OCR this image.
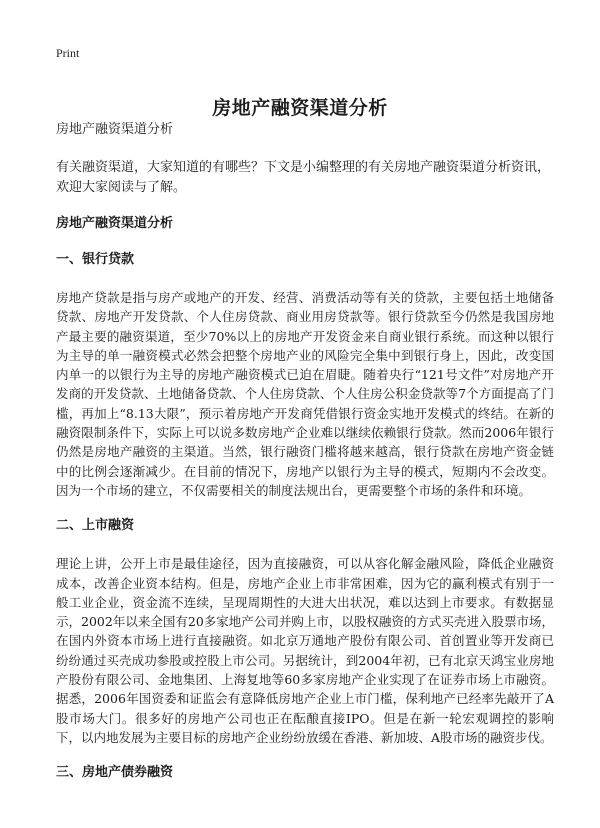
Print
房地产融资渠道分析

房地产融资渠道分析

有关融资渠道，大家知道的有哪些？下文是小编整理的有关房地产融资渠道分析资讯，欢迎大家阅读与了解。

房地产融资渠道分析

一、银行贷款

房地产贷款是指与房产或地产的开发、经营、消费活动等有关的贷款，主要包括土地储备贷款、房地产开发贷款、个人住房贷款、商业用房贷款等。银行贷款至今仍然是我国房地产最主要的融资渠道，至少70%以上的房地产开发资金来自商业银行系统。而这种以银行为主导的单一融资模式必然会把整个房地产业的风险完全集中到银行身上，因此，改变国内单一的以银行为主导的房地产融资模式已迫在眉睫。随着央行“121号文件”对房地产开发商的开发贷款、土地储备贷款、个人住房贷款、个人住房公积金贷款等7个方面提高了门槛，再加上“8.13大限”，预示着房地产开发商凭借银行资金实地开发模式的终结。在新的融资限制条件下，实际上可以说多数房地产企业难以继续依赖银行贷款。然而2006年银行仍然是房地产融资的主渠道。当然，银行融资门槛将越来越高，银行贷款在房地产资金链中的比例会逐渐减少。在目前的情况下，房地产以银行为主导的模式，短期内不会改变。因为一个市场的建立，不仅需要相关的制度法规出台，更需要整个市场的条件和环境。

二、上市融资

理论上讲，公开上市是最佳途径，因为直接融资，可以从容化解金融风险，降低企业融资成本，改善企业资本结构。但是，房地产企业上市非常困难，因为它的赢利模式有别于一般工业企业，资金流不连续，呈现周期性的大进大出状况，难以达到上市要求。有数据显示，2002年以来全国有20多家地产公司并购上市，以股权融资的方式买壳进入股票市场，在国内外资本市场上进行直接融资。如北京万通地产股份有限公司、首创置业等开发商已纷纷通过买壳成功参股或控股上市公司。另据统计，到2004年初，已有北京天鸿宝业房地产股份有限公司、金地集团、上海复地等60多家房地产企业实现了在证券市场上市融资。据悉，2006年国资委和证监会有意降低房地产企业上市门槛，保利地产已经率先敲开了A股市场大门。很多好的房地产公司也正在酝酿直接IPO。但是在新一轮宏观调控的影响下，以内地发展为主要目标的房地产企业纷纷放缓在香港、新加坡、A股市场的融资步伐。

三、房地产债券融资
